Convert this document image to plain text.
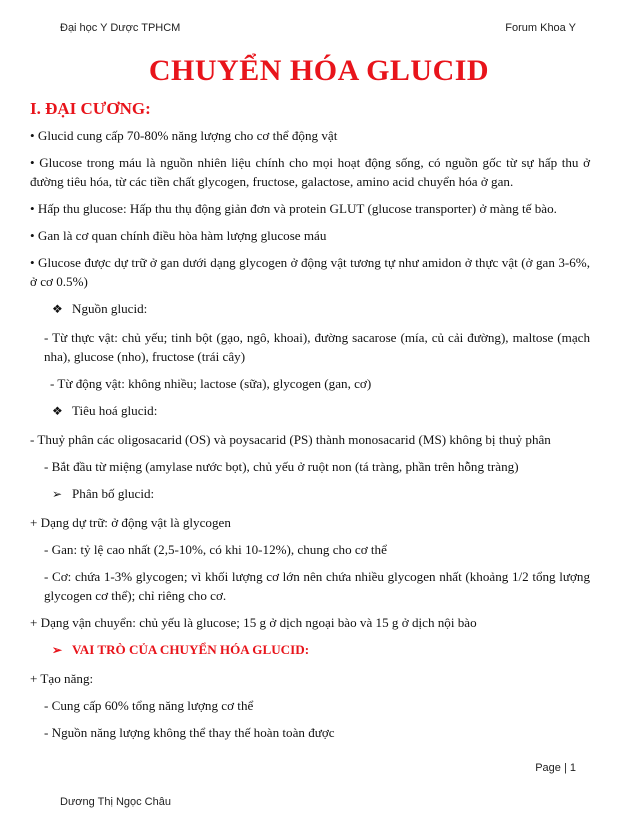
Đại học Y Dược TPHCM	Forum Khoa Y
CHUYỂN HÓA GLUCID
I. ĐẠI CƯƠNG:

• Glucid cung cấp 70-80% năng lượng cho cơ thể động vật

• Glucose trong máu là nguồn nhiên liệu chính cho mọi hoạt động sống, có nguồn gốc từ sự hấp thu ở đường tiêu hóa, từ các tiền chất glycogen, fructose, galactose, amino acid chuyển hóa ở gan.

• Hấp thu glucose: Hấp thu thụ động giản đơn và protein GLUT (glucose transporter) ở màng tế bào.

• Gan là cơ quan chính điều hòa hàm lượng glucose máu

• Glucose được dự trữ ở gan dưới dạng glycogen ở động vật tương tự như amidon ở thực vật (ở gan 3-6%, ở cơ 0.5%)

❖ Nguồn glucid:

- Từ thực vật: chủ yếu; tinh bột (gạo, ngô, khoai), đường sacarose (mía, củ cải đường), maltose (mạch nha), glucose (nho), fructose (trái cây)

- Từ động vật: không nhiều; lactose (sữa), glycogen (gan, cơ)

❖ Tiêu hoá glucid:

- Thuỷ phân các oligosacarid (OS) và poysacarid (PS) thành monosacarid (MS) không bị thuỷ phân

- Bắt đầu từ miệng (amylase nước bọt), chủ yếu ở ruột non (tá tràng, phần trên hỗng tràng)

➢ Phân bố glucid:

+ Dạng dự trữ: ở động vật là glycogen

- Gan: tỷ lệ cao nhất (2,5-10%, có khi 10-12%), chung cho cơ thể

- Cơ: chứa 1-3% glycogen; vì khối lượng cơ lớn nên chứa nhiều glycogen nhất (khoảng 1/2 tổng lượng glycogen cơ thể); chỉ riêng cho cơ.

+ Dạng vận chuyển: chủ yếu là glucose; 15 g ở dịch ngoại bào và 15 g ở dịch nội bào

➢ VAI TRÒ CỦA CHUYỂN HÓA GLUCID:

+ Tạo năng:

- Cung cấp 60% tổng năng lượng cơ thể

- Nguồn năng lượng không thể thay thế hoàn toàn được

Page | 1
Dương Thị Ngọc Châu
